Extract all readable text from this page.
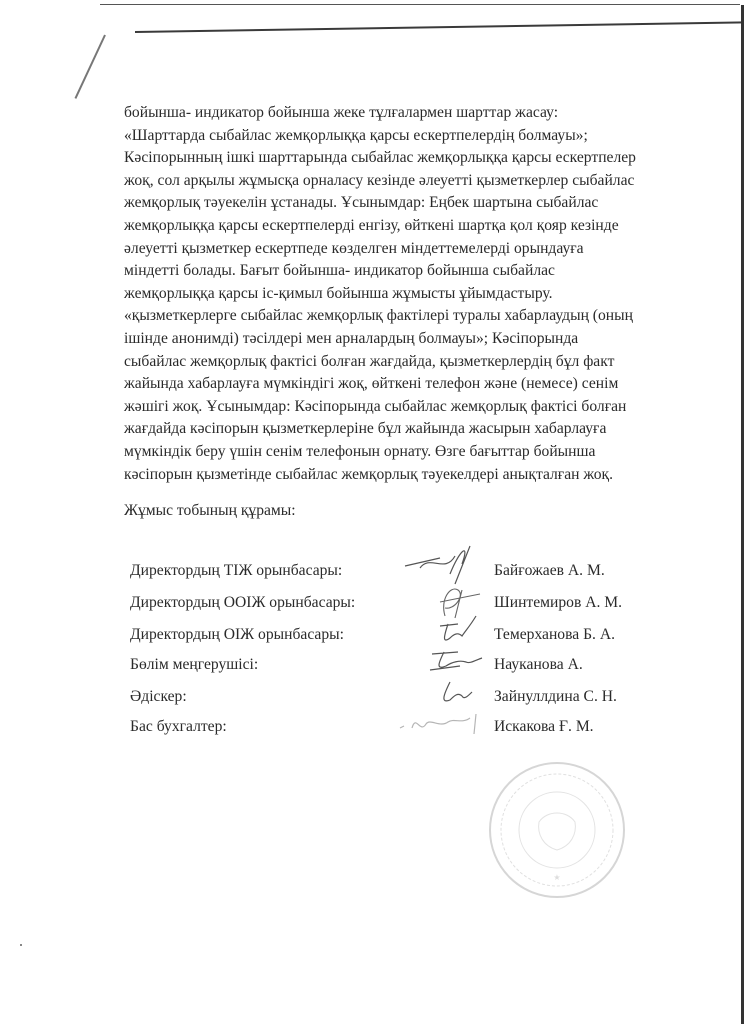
бойынша- индикатор бойынша жеке тұлғалармен шарттар жасау:
«Шарттарда сыбайлас жемқорлыққа қарсы ескертпелердің болмауы»;
Кәсіпорынның ішкі шарттарында сыбайлас жемқорлыққа қарсы ескертпелер
жоқ, сол арқылы жұмысқа орналасу кезінде әлеуетті қызметкерлер сыбайлас
жемқорлық тәуекелін ұстанады. Ұсынымдар: Еңбек шартына сыбайлас
жемқорлыққа қарсы ескертпелерді енгізу, өйткені шартқа қол қояр кезінде
әлеуетті қызметкер ескертпеде көзделген міндеттемелерді орындауға
міндетті болады. Бағыт бойынша- индикатор бойынша сыбайлас
жемқорлыққа қарсы іс-қимыл бойынша жұмысты ұйымдастыру.
«қызметкерлерге сыбайлас жемқорлық фактілері туралы хабарлаудың (оның
ішінде анонимді) тәсілдері мен арналардың болмауы»; Кәсіпорында
сыбайлас жемқорлық фактісі болған жағдайда, қызметкерлердің бұл факт
жайында хабарлауға мүмкіндігі жоқ, өйткені телефон және (немесе) сенім
жәшігі жоқ. Ұсынымдар: Кәсіпорында сыбайлас жемқорлық фактісі болған
жағдайда кәсіпорын қызметкерлеріне бұл жайында жасырын хабарлауға
мүмкіндік беру үшін сенім телефонын орнату. Өзге бағыттар бойынша
кәсіпорын қызметінде сыбайлас жемқорлық тәуекелдері анықталған жоқ.

Жұмыс тобының құрамы:

Директордың ТІЖ орынбасары:	Байғожаев А. М.
Директордың ООІЖ орынбасары:	Шинтемиров А. М.
Директордың ОІЖ орынбасары:	Темерханова Б. А.
Бөлім меңгерушісі:	Науканова А.
Әдіскер:	Зайнуллдина С. Н.
Бас бухгалтер:	Искакова Ғ. М.
★
